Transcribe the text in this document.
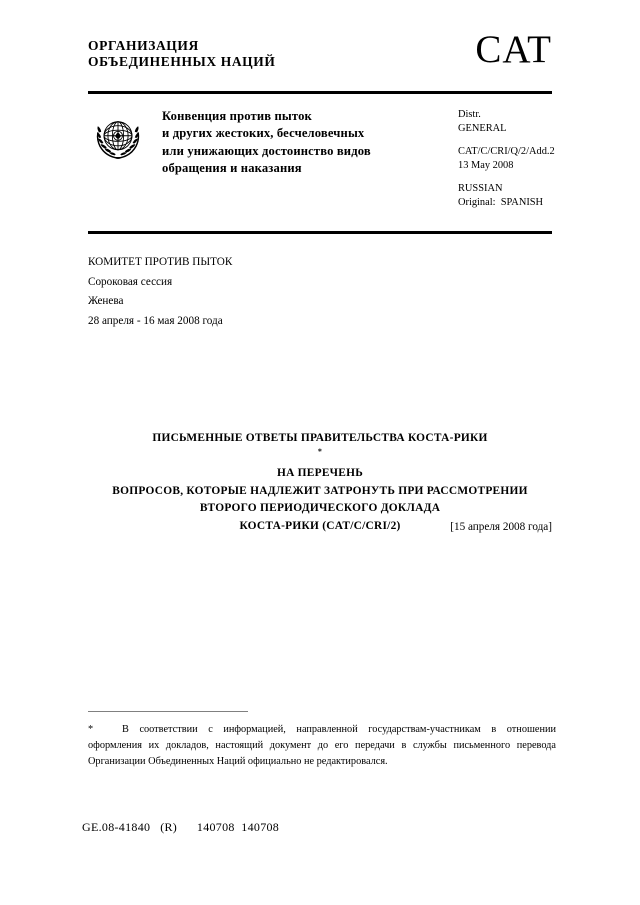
ОРГАНИЗАЦИЯ
ОБЪЕДИНЕННЫХ НАЦИЙ	CAT
Конвенция против пыток
и других жестоких, бесчеловечных
или унижающих достоинство видов
обращения и наказания
Distr.
GENERAL
CAT/C/CRI/Q/2/Add.2
13 May 2008
RUSSIAN
Original:  SPANISH
КОМИТЕТ ПРОТИВ ПЫТОК
Сороковая сессия
Женева
28 апреля - 16 мая 2008 года
ПИСЬМЕННЫЕ ОТВЕТЫ ПРАВИТЕЛЬСТВА КОСТА-РИКИ
*
НА ПЕРЕЧЕНЬ
ВОПРОСОВ, КОТОРЫЕ НАДЛЕЖИТ ЗАТРОНУТЬ ПРИ РАССМОТРЕНИИ
ВТОРОГО ПЕРИОДИЧЕСКОГО ДОКЛАДА
КОСТА-РИКИ (CAT/C/CRI/2)	[15 апреля 2008 года]
*	В соответствии с информацией, направленной государствам-участникам в отношении оформления их докладов, настоящий документ до его передачи в службы письменного перевода Организации Объединенных Наций официально не редактировался.
GE.08-41840   (R)      140708  140708
